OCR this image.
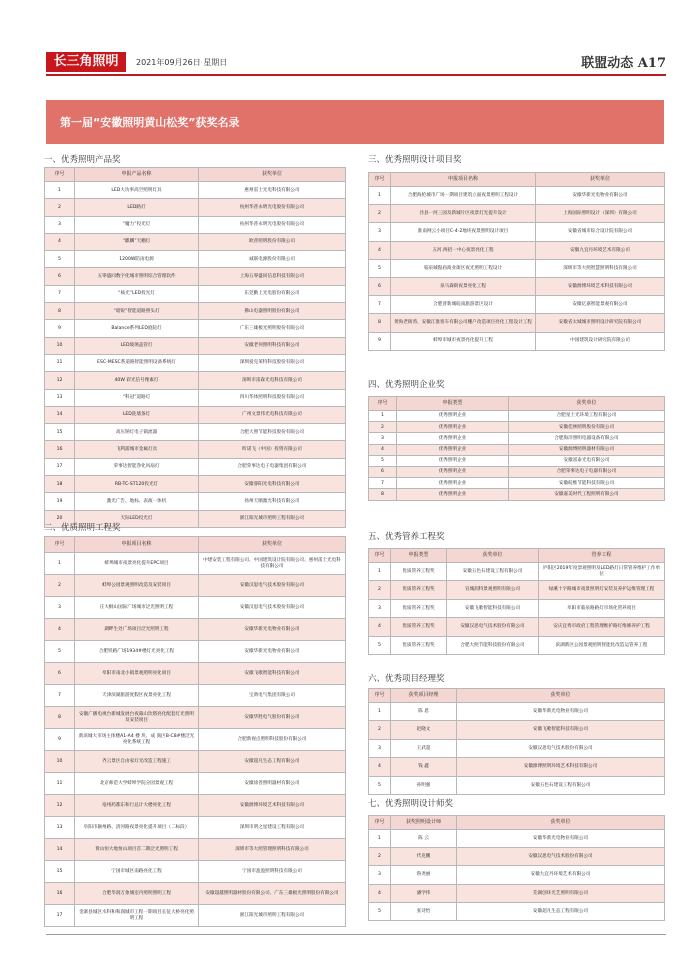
长三角照明	2021年09月26日 星期日	联盟动态 A17
第一届“安徽照明黄山松奖”获奖名录
一、优秀照明产品奖
序号	申报产品名称	获奖单位
1	LED大功率高空照明灯具	惠州雷士光电科技有限公司
2	LED路灯	杭州华普永明光电股份有限公司
3	“魔力”投光灯	杭州华普永明光电股份有限公司
4	“麒麟”天棚灯	欧普照明股份有限公司
5	1200W防雨电源	诚联电源股份有限公司
6	五零盛同数字化城市照明综合管理软件	上海五零盛同信息科技有限公司
7	“核光”LED投光灯	东莞勤上光电股份有限公司
8	“暗锐”智能道路照头灯	佛山电器照明股份有限公司
9	Balance系列LED庭院灯	广东三雄极光照明股份有限公司
10	LED玻璃盖管灯	安徽老何照明科技有限公司
11	ESC-MESC系道路智能照明设备系统灯	深圳爱克莱特科技股份有限公司
12	40W 彩光信号像素灯	深圳市雷森光电科技有限公司
13	“科冠”道路灯	四川华体照明科技股份有限公司
14	LED洗墙条灯	广州文景伟光电科技有限公司
15	高压钠灯电子镇流器	合肥大照节能科技股份有限公司
16	飞利浦城市金属灯具	昕诺飞（中国）投资有限公司
17	荣事达智能净化风扇灯	合肥荣事达电子电器集团有限公司
18	RB-TC-ST120投光灯	安徽睿阳光电科技有限公司
19	激光广告、地标、表演一体机	扬州天顺激光科技有限公司
20	天际LED投光灯	浙江阳光城市照明工程有限公司
二、优质照明工程奖
序号	申报项目名称	获奖单位
1	蚌埠城市夜景亮化提升EPC项目	中建安装工程有限公司、中国建筑设计院有限公司、惠州雷士光电科技有限公司
2	蚌埠公园景观照明改造及安装项目	安徽汉思电气技术股份有限公司
3	庄大桐山国际广场城市泛光照明工程	安徽汉思电气技术股份有限公司
4	湖畔生处广场项目泛光照明工程	安徽华新光电物业有限公司
5	合肥铁路广场1934#楼灯光亮化工程	安徽华新光电物业有限公司
6	阜阳市南北小镇景观照明亮化项目	安徽飞歌智能科技有限公司
7	天津滨湖旅游度假区夜景亮化工程	宝典电气集团有限公司
8	安徽广播电视台新城发展台夜幕山饮塔亮化配套灯光照明及安装项目	安徽华胜电气股份有限公司
9	新滨城大市场主体楼A1-A4 楼 块、成 商区B-C8#楼泛光亮化系统工程	合肥新视点照明科技股份有限公司
10	齐云景区自由家灯光改造工程施工	安徽超凡生态工程有限公司
11	北京师范大学蚌埠学院分园景观工程	安徽徐善照明器材有限公司
12	亳州药都东和行总计大楼亮化工程	安徽源博环境艺术科技有限公司
13	阜阳市颍州路、清河路夜景亮化提升项目（二标段）	深圳市明之星建设工程有限公司
14	黄山恒大地恒山项目首二期泛光照明工程	深圳市等大照管理照明科技有限公司
15	宁国市城区南路亮化工程	宁国市盈盈照明科技有限公司
16	合肥华润万象城室内照明照明工程	安徽超越照明器材股份有限公司、广东三雄极光照明股份有限公司
17	金寨县城区水科和和润城市工程一期项目长征大桥亮化照明工程	浙江阳光城市照明工程有限公司
三、优秀照明设计项目奖
序号	申报项目名称	获奖单位
1	合肥海伦城市广场一期项目建筑立面夜景照明工程设计	安徽华新光电物业有限公司
2	泾县一河三园及新城片区夜景灯光提升设计	上海国际照明设计（深圳）有限公司
3	淮南网云小项目C-4-2地块夜景照明设计项目	安徽省城市综合设计院有限公司
4	五河.两招一中心夜景亮化工程	安徽九宜丹环境艺术有限公司
5	临泉城隍庙商业街区夜光照明工程设计	深圳市等大照智慧照明科技有限公司
6	泉马森街夜景亮化工程	安徽源博环境艺术科技有限公司
7	合肥普新城皖南旅游景区设计	安徽亿嘉智能景观有限公司
8	黄海老街湾、安徽江淮客车有限公司棚户改造项目亮化工程设计工程	安徽省太城城市照明设计研究院有限公司
9	蚌埠市城市夜景亮化提升工程	中国建筑设计研究院有限公司
四、优秀照明企业奖
序号	申报类型	获奖单位
1	优秀照明企业	合肥星士光环境工程有限公司
2	优秀照明企业	安徽佳林照明股份有限公司
3	优秀照明企业	合肥海洋照明电器设备有限公司
4	优秀照明企业	安徽源博照明器材有限公司
5	优秀照明企业	安徽富泰光电有限公司
6	优秀照明企业	合肥荣事达电子电器有限公司
7	优秀照明企业	安徽皖维节能科技有限公司
8	优秀照明企业	安徽嘉美时代工程照明有限公司
五、优秀管养工程奖
序号	申报类型	获奖单位	管养工程
1	优质管养工程奖	安徽五色石建设工程有限公司	庐阳区2019年度景观照明及LED路灯日常管养维护工作单位
2	优质管养工程奖	宣城润特景观照明有限公司	绿溪十字路城市夜景照明灯安装及养护运维管理工程
3	优质管养工程奖	安徽飞歌智能科技有限公司	阜阳市临泉路路灯市场化管养项目
4	优质管养工程奖	安徽汉思电气技术股份有限公司	安庆宜秀市政府工程管理维护路灯维修养护工程
5	优质管养工程奖	合肥大照节能科技股份有限公司	滨湖新区公园景观照明智能化改造运管养工程
六、优秀项目经理奖
序号	获奖项目经理	获奖单位
1	陈 恩	安徽华新光电物业有限公司
2	赵晓文	安徽飞歌智能科技有限公司
3	王武超	安徽汉思电气技术股份有限公司
4	钱 鑫	安徽源博照明环境艺术科技有限公司
5	孙明强	安徽五色石建设工程有限公司
七、优秀照明设计师奖
序号	获奖照明设计师	获奖单位
1	陈 云	安徽华新光电物业有限公司
2	代克鹏	安徽汉思电气技术股份有限公司
3	鲁尧丽	安徽九宜丹环境艺术有限公司
4	潘学伟	芜湖创环光艺照明有限公司
5	张诗怡	安徽超凡生态工程有限公司
